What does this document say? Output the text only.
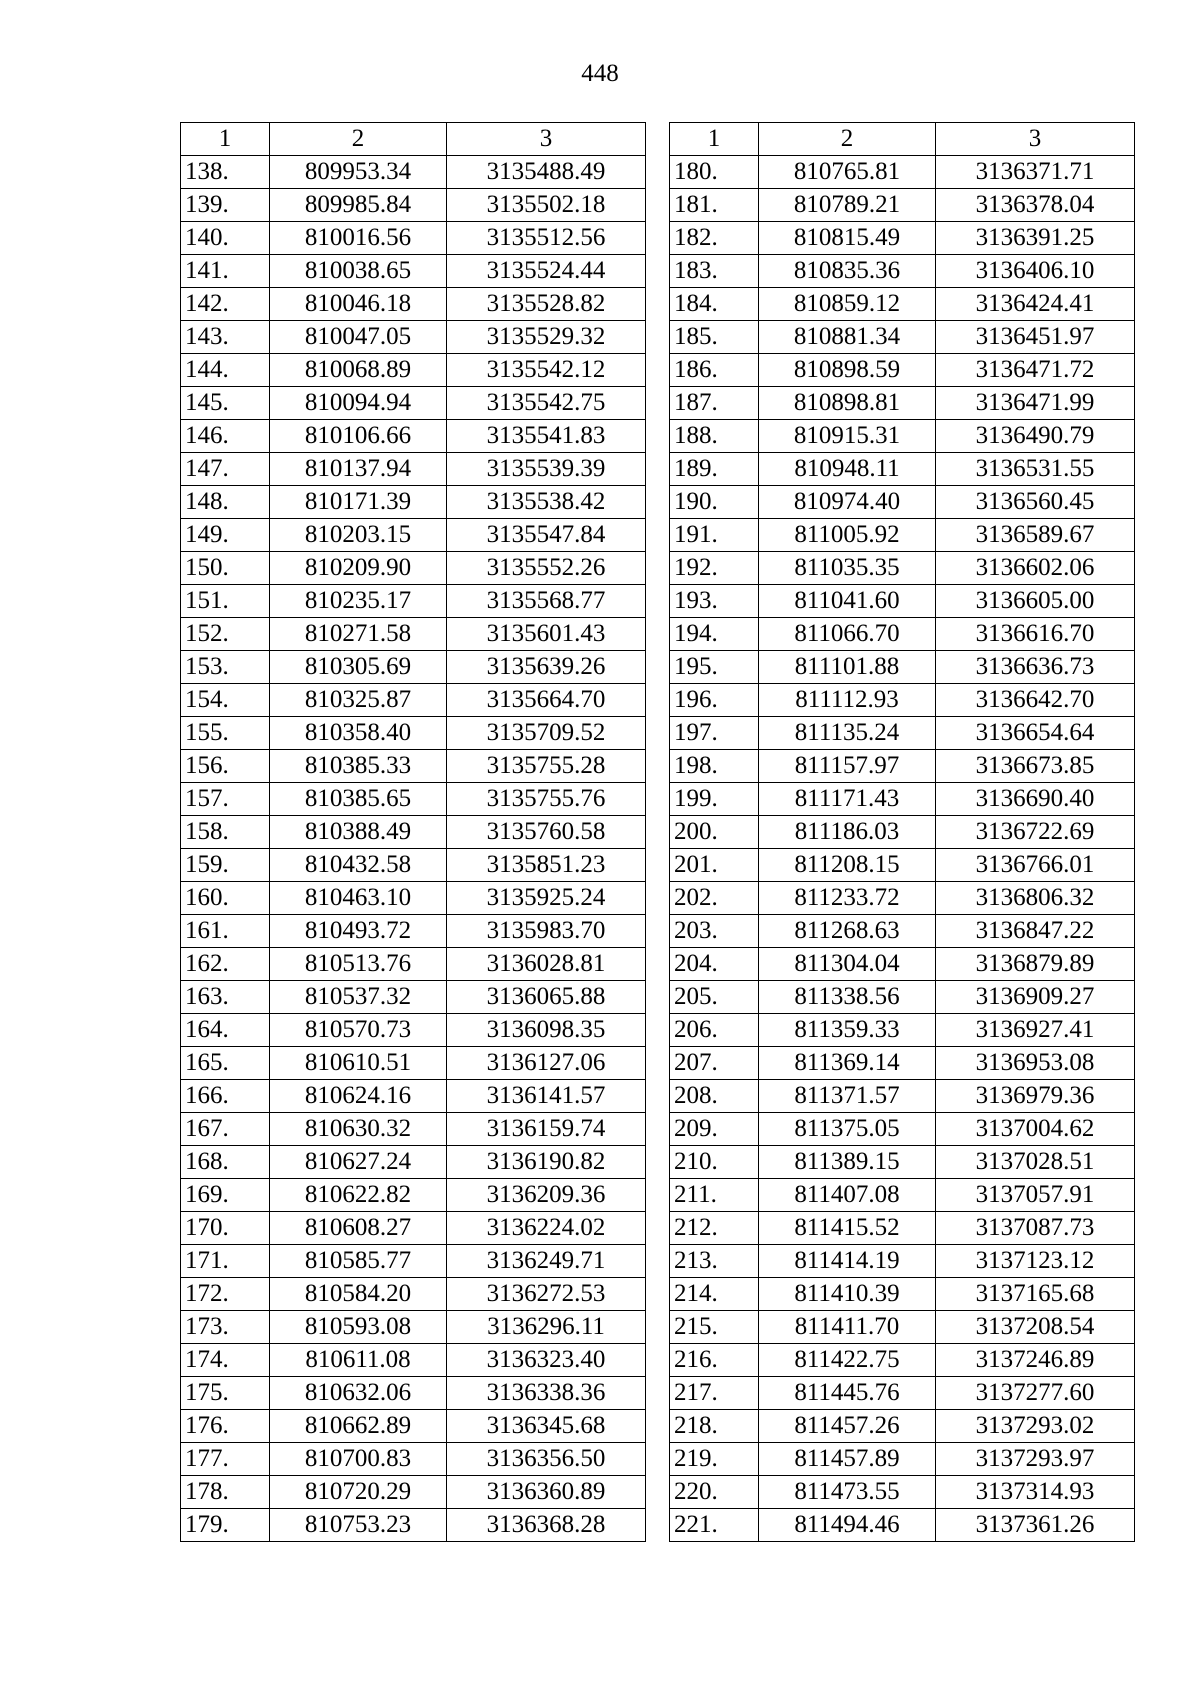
448
1	2	3
138.	809953.34	3135488.49
139.	809985.84	3135502.18
140.	810016.56	3135512.56
141.	810038.65	3135524.44
142.	810046.18	3135528.82
143.	810047.05	3135529.32
144.	810068.89	3135542.12
145.	810094.94	3135542.75
146.	810106.66	3135541.83
147.	810137.94	3135539.39
148.	810171.39	3135538.42
149.	810203.15	3135547.84
150.	810209.90	3135552.26
151.	810235.17	3135568.77
152.	810271.58	3135601.43
153.	810305.69	3135639.26
154.	810325.87	3135664.70
155.	810358.40	3135709.52
156.	810385.33	3135755.28
157.	810385.65	3135755.76
158.	810388.49	3135760.58
159.	810432.58	3135851.23
160.	810463.10	3135925.24
161.	810493.72	3135983.70
162.	810513.76	3136028.81
163.	810537.32	3136065.88
164.	810570.73	3136098.35
165.	810610.51	3136127.06
166.	810624.16	3136141.57
167.	810630.32	3136159.74
168.	810627.24	3136190.82
169.	810622.82	3136209.36
170.	810608.27	3136224.02
171.	810585.77	3136249.71
172.	810584.20	3136272.53
173.	810593.08	3136296.11
174.	810611.08	3136323.40
175.	810632.06	3136338.36
176.	810662.89	3136345.68
177.	810700.83	3136356.50
178.	810720.29	3136360.89
179.	810753.23	3136368.28
1	2	3
180.	810765.81	3136371.71
181.	810789.21	3136378.04
182.	810815.49	3136391.25
183.	810835.36	3136406.10
184.	810859.12	3136424.41
185.	810881.34	3136451.97
186.	810898.59	3136471.72
187.	810898.81	3136471.99
188.	810915.31	3136490.79
189.	810948.11	3136531.55
190.	810974.40	3136560.45
191.	811005.92	3136589.67
192.	811035.35	3136602.06
193.	811041.60	3136605.00
194.	811066.70	3136616.70
195.	811101.88	3136636.73
196.	811112.93	3136642.70
197.	811135.24	3136654.64
198.	811157.97	3136673.85
199.	811171.43	3136690.40
200.	811186.03	3136722.69
201.	811208.15	3136766.01
202.	811233.72	3136806.32
203.	811268.63	3136847.22
204.	811304.04	3136879.89
205.	811338.56	3136909.27
206.	811359.33	3136927.41
207.	811369.14	3136953.08
208.	811371.57	3136979.36
209.	811375.05	3137004.62
210.	811389.15	3137028.51
211.	811407.08	3137057.91
212.	811415.52	3137087.73
213.	811414.19	3137123.12
214.	811410.39	3137165.68
215.	811411.70	3137208.54
216.	811422.75	3137246.89
217.	811445.76	3137277.60
218.	811457.26	3137293.02
219.	811457.89	3137293.97
220.	811473.55	3137314.93
221.	811494.46	3137361.26
